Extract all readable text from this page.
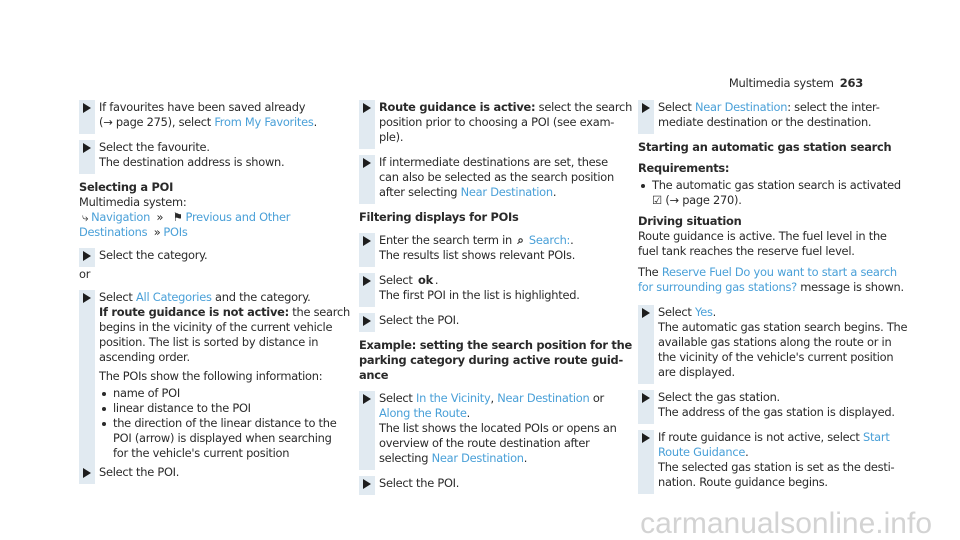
Multimedia system 263
If favourites have been saved already
(→ page 275), select From My Favorites.
Select the favourite.
The destination address is shown.
Selecting a POI
Multimedia system:
⤷ Navigation » ⚑ Previous and Other
Destinations » POIs
Select the category.
or
Select All Categories and the category.
If route guidance is not active: the search
begins in the vicinity of the current vehicle
position. The list is sorted by distance in
ascending order.
The POIs show the following information:
name of POI
linear distance to the POI
the direction of the linear distance to the
POI (arrow) is displayed when searching
for the vehicle's current position
Select the POI.
Route guidance is active: select the search
position prior to choosing a POI (see exam-
ple).
If intermediate destinations are set, these
can also be selected as the search position
after selecting Near Destination.
Filtering displays for POIs
Enter the search term in ⌕ Search:.
The results list shows relevant POIs.
Select ok .
The first POI in the list is highlighted.
Select the POI.
Example: setting the search position for the
parking category during active route guid-
ance
Select In the Vicinity, Near Destination or
Along the Route.
The list shows the located POIs or opens an
overview of the route destination after
selecting Near Destination.
Select the POI.
Select Near Destination: select the inter-
mediate destination or the destination.
Starting an automatic gas station search
Requirements:
The automatic gas station search is activated
☑ (→ page 270).
Driving situation
Route guidance is active. The fuel level in the
fuel tank reaches the reserve fuel level.
The Reserve Fuel Do you want to start a search
for surrounding gas stations? message is shown.
Select Yes.
The automatic gas station search begins. The
available gas stations along the route or in
the vicinity of the vehicle's current position
are displayed.
Select the gas station.
The address of the gas station is displayed.
If route guidance is not active, select Start
Route Guidance.
The selected gas station is set as the desti-
nation. Route guidance begins.
carmanualsonline.info
